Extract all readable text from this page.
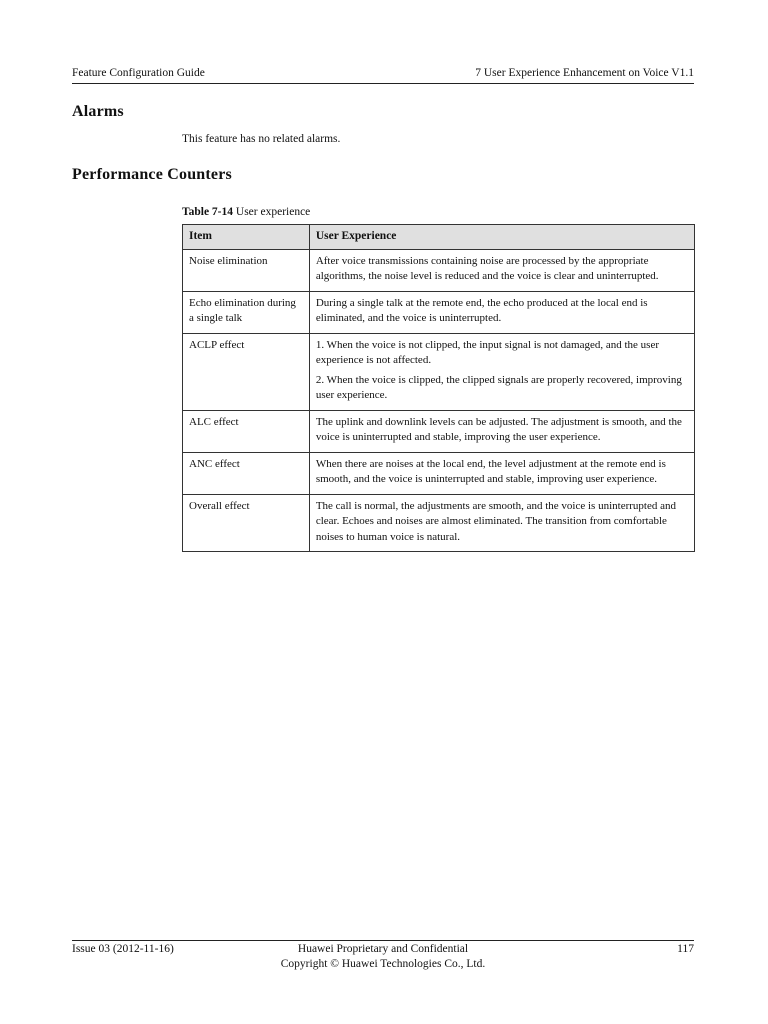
Feature Configuration Guide	7 User Experience Enhancement on Voice V1.1
Alarms

This feature has no related alarms.

Performance Counters
Table 7-14 User experience
Item	User Experience
Noise elimination	After voice transmissions containing noise are processed by the appropriate algorithms, the noise level is reduced and the voice is clear and uninterrupted.

Echo elimination during a single talk	During a single talk at the remote end, the echo produced at the local end is eliminated, and the voice is uninterrupted.

ACLP effect	1. When the voice is not clipped, the input signal is not damaged, and the user experience is not affected.

2. When the voice is clipped, the clipped signals are properly recovered, improving user experience.

ALC effect	The uplink and downlink levels can be adjusted. The adjustment is smooth, and the voice is uninterrupted and stable, improving the user experience.

ANC effect	When there are noises at the local end, the level adjustment at the remote end is smooth, and the voice is uninterrupted and stable, improving user experience.

Overall effect	The call is normal, the adjustments are smooth, and the voice is uninterrupted and clear. Echoes and noises are almost eliminated. The transition from comfortable noises to human voice is natural.

Issue 03 (2012-11-16)	Huawei Proprietary and Confidential
Copyright © Huawei Technologies Co., Ltd.
117
